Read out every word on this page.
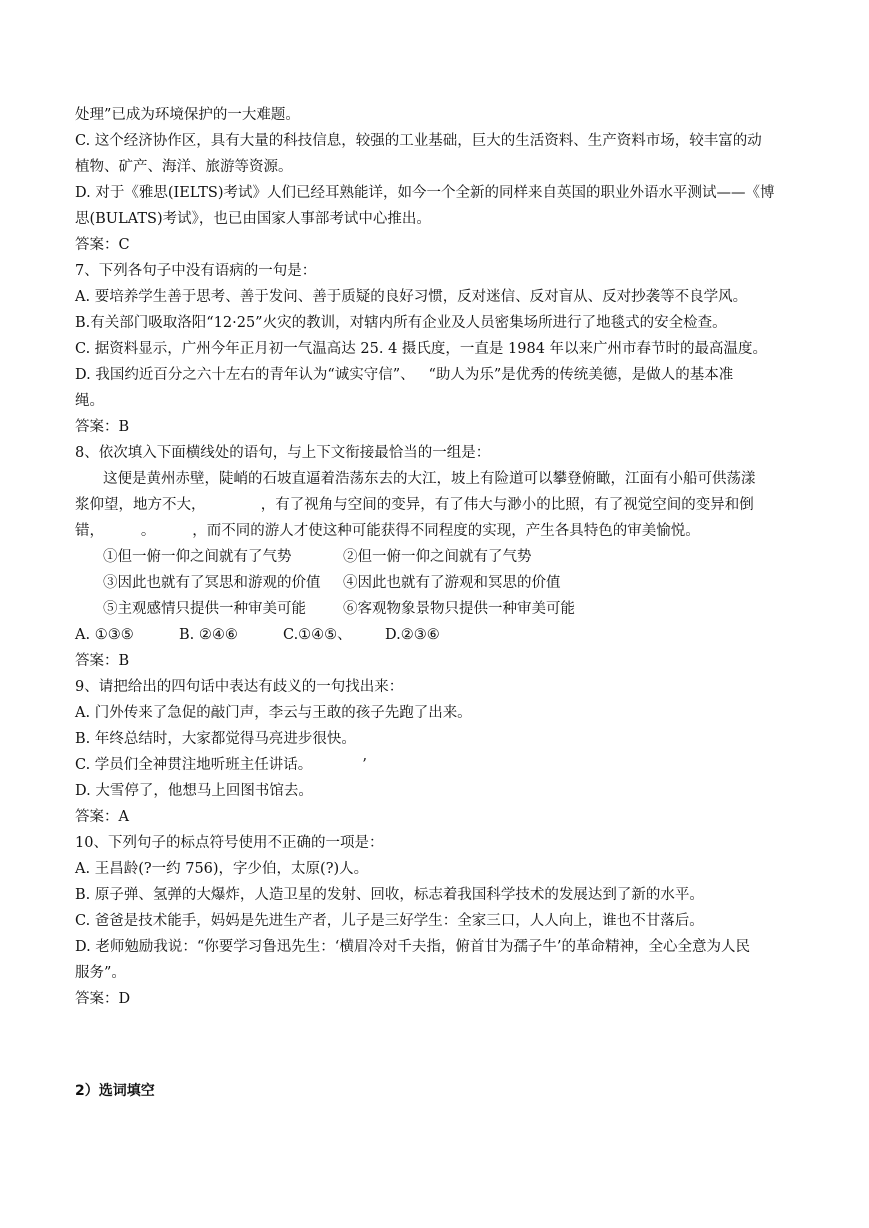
处理”已成为环境保护的一大难题。
C. 这个经济协作区，具有大量的科技信息，较强的工业基础，巨大的生活资料、生产资料市场，较丰富的动
植物、矿产、海洋、旅游等资源。
D. 对于《雅思(IELTS)考试》人们已经耳熟能详，如今一个全新的同样来自英国的职业外语水平测试——《博
思(BULATS)考试》，也已由国家人事部考试中心推出。
答案：C
7、下列各句子中没有语病的一句是：
A. 要培养学生善于思考、善于发问、善于质疑的良好习惯，反对迷信、反对盲从、反对抄袭等不良学风。
B.有关部门吸取洛阳“12·25”火灾的教训，对辖内所有企业及人员密集场所进行了地毯式的安全检查。
C. 据资料显示，广州今年正月初一气温高达 25. 4 摄氏度，一直是 1984 年以来广州市春节时的最高温度。
D. 我国约近百分之六十左右的青年认为“诚实守信”、   “助人为乐”是优秀的传统美德，是做人的基本准
绳。
答案：B
8、依次填入下面横线处的语句，与上下文衔接最恰当的一组是：
这便是黄州赤壁，陡峭的石坡直逼着浩荡东去的大江，坡上有险道可以攀登俯瞰，江面有小船可供荡漾
浆仰望，地方不大，            ，有了视角与空间的变异，有了伟大与渺小的比照，有了视觉空间的变异和倒
错，        。        ，而不同的游人才使这种可能获得不同程度的实现，产生各具特色的审美愉悦。
①但一俯一仰之间就有了气势	②但一俯一仰之间就有了气势
③因此也就有了冥思和游观的价值 ④因此也就有了游观和冥思的价值
⑤主观感情只提供一种审美可能	⑥客观物象景物只提供一种审美可能
A. ①③⑤	B. ②④⑥	C.①④⑤、 D.②③⑥
答案：B
9、请把给出的四句话中表达有歧义的一句找出来：
A. 门外传来了急促的敲门声，李云与王敢的孩子先跑了出来。
B. 年终总结时，大家都觉得马亮进步很快。
C. 学员们全神贯注地听班主任讲话。	’
D. 大雪停了，他想马上回图书馆去。
答案：A
10、下列句子的标点符号使用不正确的一项是：
A. 王昌龄(?一约 756)，字少伯，太原(?)人。
B. 原子弹、氢弹的大爆炸，人造卫星的发射、回收，标志着我国科学技术的发展达到了新的水平。
C. 爸爸是技术能手，妈妈是先进生产者，儿子是三好学生：全家三口，人人向上，谁也不甘落后。
D. 老师勉励我说：“你要学习鲁迅先生：‘横眉冷对千夫指，俯首甘为孺子牛’的革命精神，全心全意为人民
服务”。
答案：D
2）选词填空
